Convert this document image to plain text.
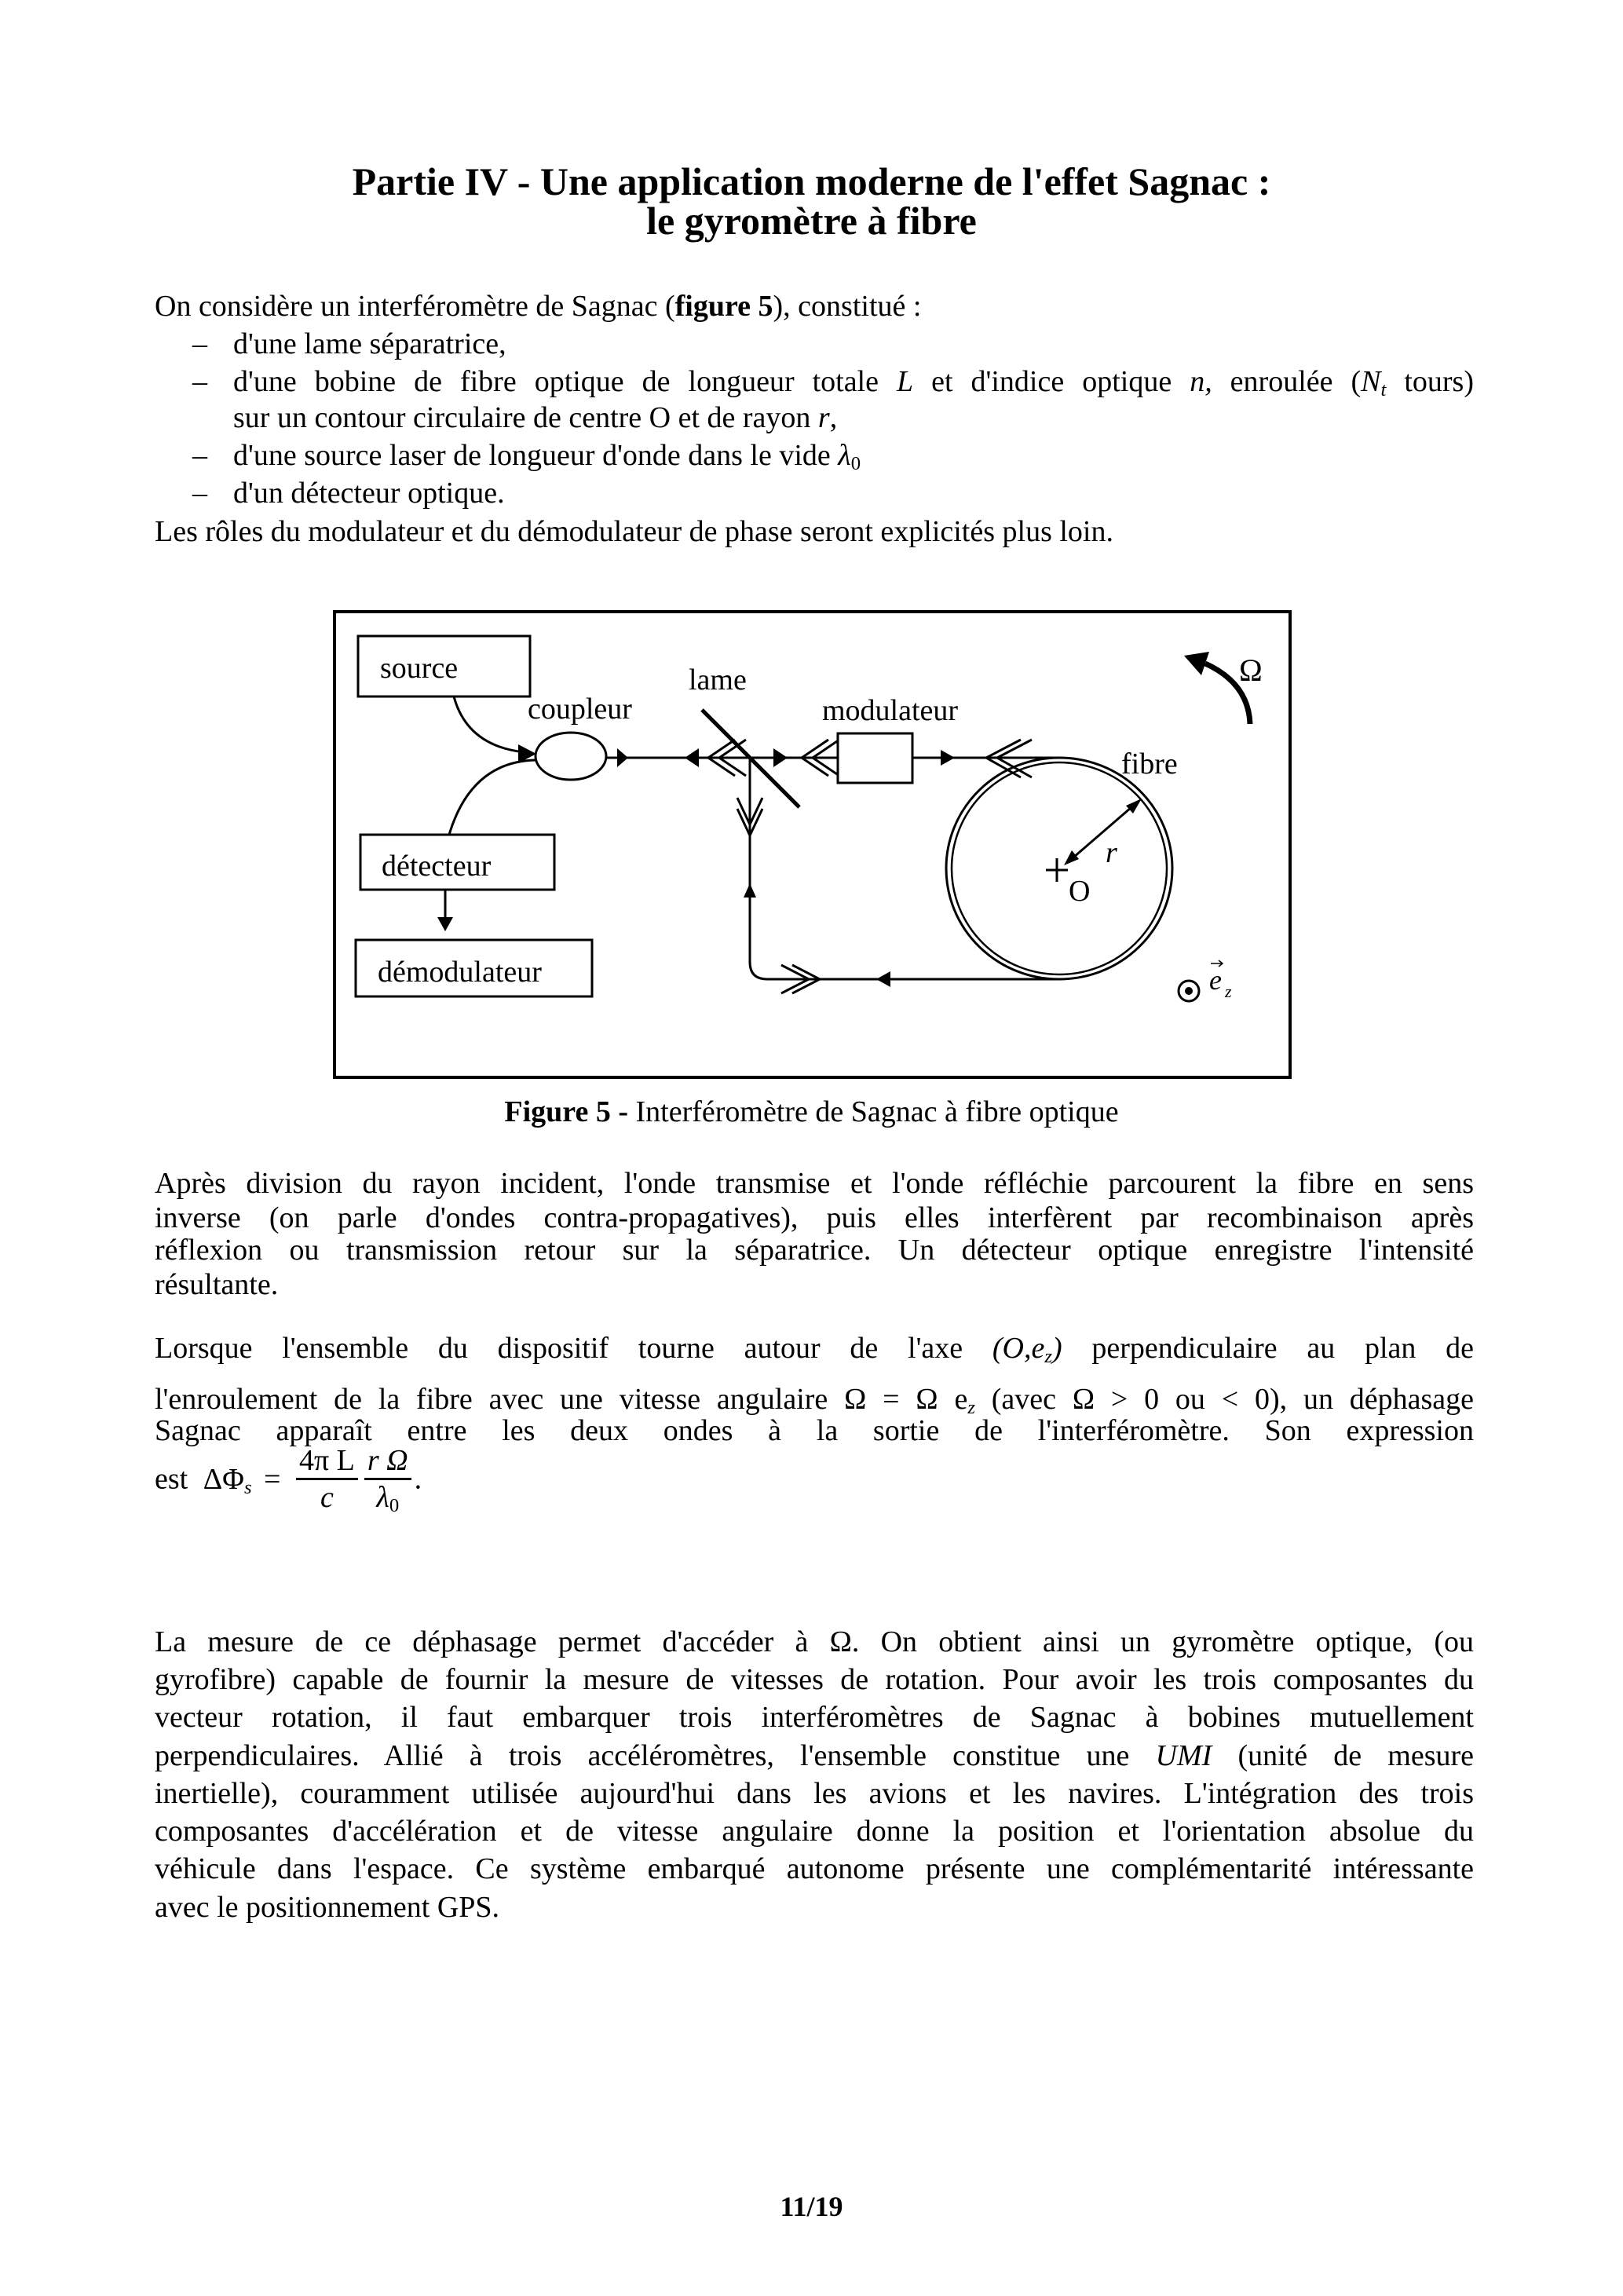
Partie IV - Une application moderne de l'effet Sagnac :
le gyromètre à fibre
On considère un interféromètre de Sagnac (figure 5), constitué :
– d'une lame séparatrice,
– d'une bobine de fibre optique de longueur totale L et d'indice optique n, enroulée ($N_t$ tours)
sur un contour circulaire de centre O et de rayon r,
– d'une source laser de longueur d'onde dans le vide $\lambda_0$
– d'un détecteur optique.
Les rôles du modulateur et du démodulateur de phase seront explicités plus loin.
source
détecteur
démodulateur
coupleur
lame
modulateur
fibre
O
r
Ω
e z
Figure 5 - Interféromètre de Sagnac à fibre optique
Après division du rayon incident, l'onde transmise et l'onde réfléchie parcourent la fibre en sens
inverse (on parle d'ondes contra-propagatives), puis elles interfèrent par recombinaison après
réflexion ou transmission retour sur la séparatrice. Un détecteur optique enregistre l'intensité
résultante.
Lorsque l'ensemble du dispositif tourne autour de l'axe $(O,e_z)$ perpendiculaire au plan de
l'enroulement de la fibre avec une vitesse angulaire Ω = Ω $e_z$ (avec Ω > 0 ou < 0), un déphasage
Sagnac apparaît entre les deux ondes à la sortie de l'interféromètre. Son expression
est $\Delta\Phi_s = \frac{\text{4π L}}{c} \frac{\text{r Ω}}{\lambda_0}$ .
La mesure de ce déphasage permet d'accéder à Ω. On obtient ainsi un gyromètre optique, (ou
gyrofibre) capable de fournir la mesure de vitesses de rotation. Pour avoir les trois composantes du
vecteur rotation, il faut embarquer trois interféromètres de Sagnac à bobines mutuellement
perpendiculaires. Allié à trois accéléromètres, l'ensemble constitue une UMI (unité de mesure
inertielle), couramment utilisée aujourd'hui dans les avions et les navires. L'intégration des trois
composantes d'accélération et de vitesse angulaire donne la position et l'orientation absolue du
véhicule dans l'espace. Ce système embarqué autonome présente une complémentarité intéressante
avec le positionnement GPS.
11/19
